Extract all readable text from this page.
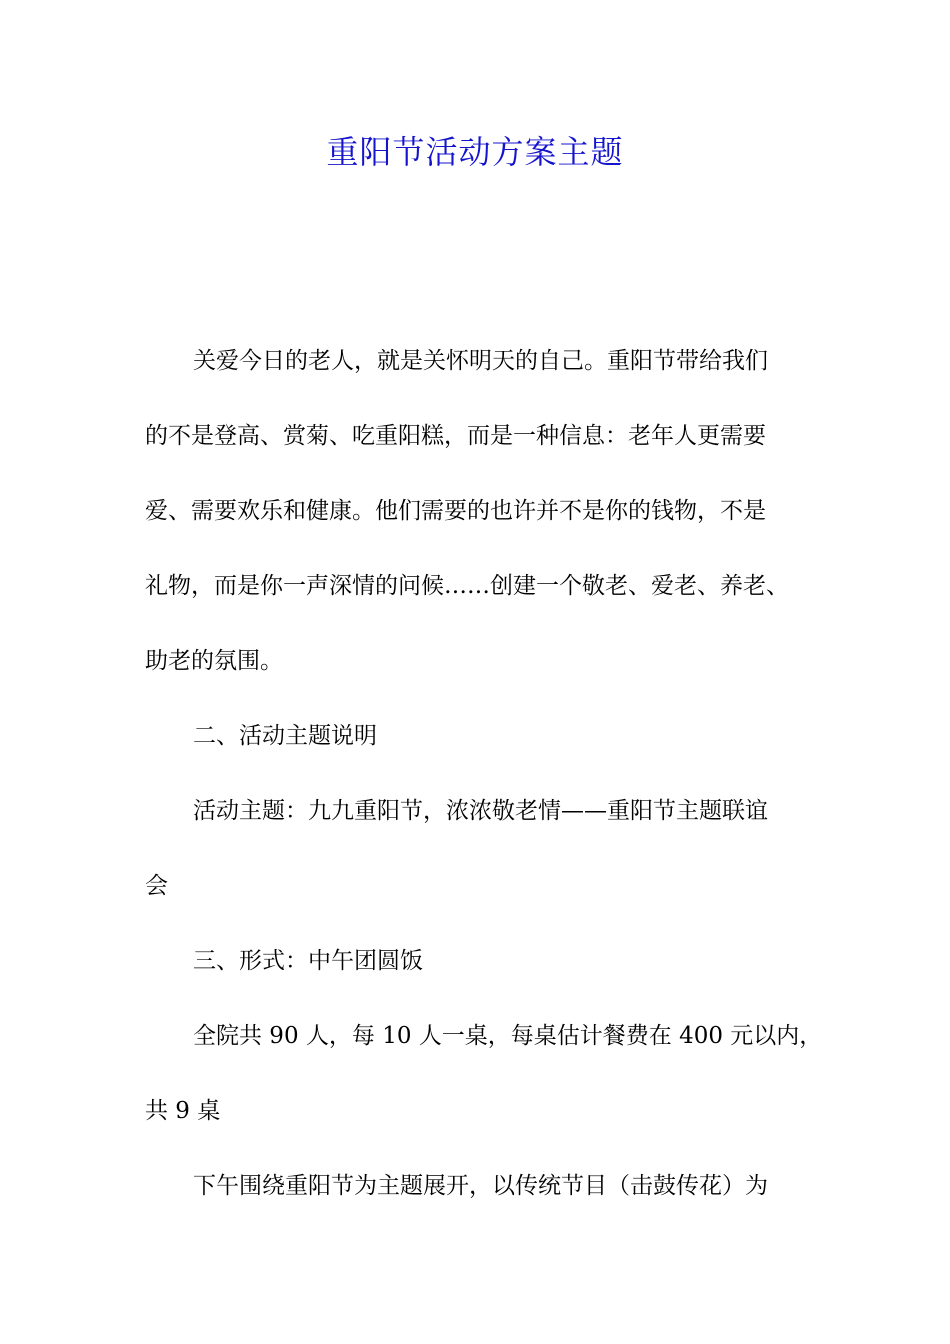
重阳节活动方案主题

关爱今日的老人，就是关怀明天的自己。重阳节带给我们

的不是登高、赏菊、吃重阳糕，而是一种信息：老年人更需要

爱、需要欢乐和健康。他们需要的也许并不是你的钱物，不是

礼物，而是你一声深情的问候……创建一个敬老、爱老、养老、

助老的氛围。

二、活动主题说明

活动主题：九九重阳节，浓浓敬老情——重阳节主题联谊

会

三、形式：中午团圆饭

全院共 90 人，每 10 人一桌，每桌估计餐费在 400 元以内，

共 9 桌

下午围绕重阳节为主题展开，以传统节目（击鼓传花）为
